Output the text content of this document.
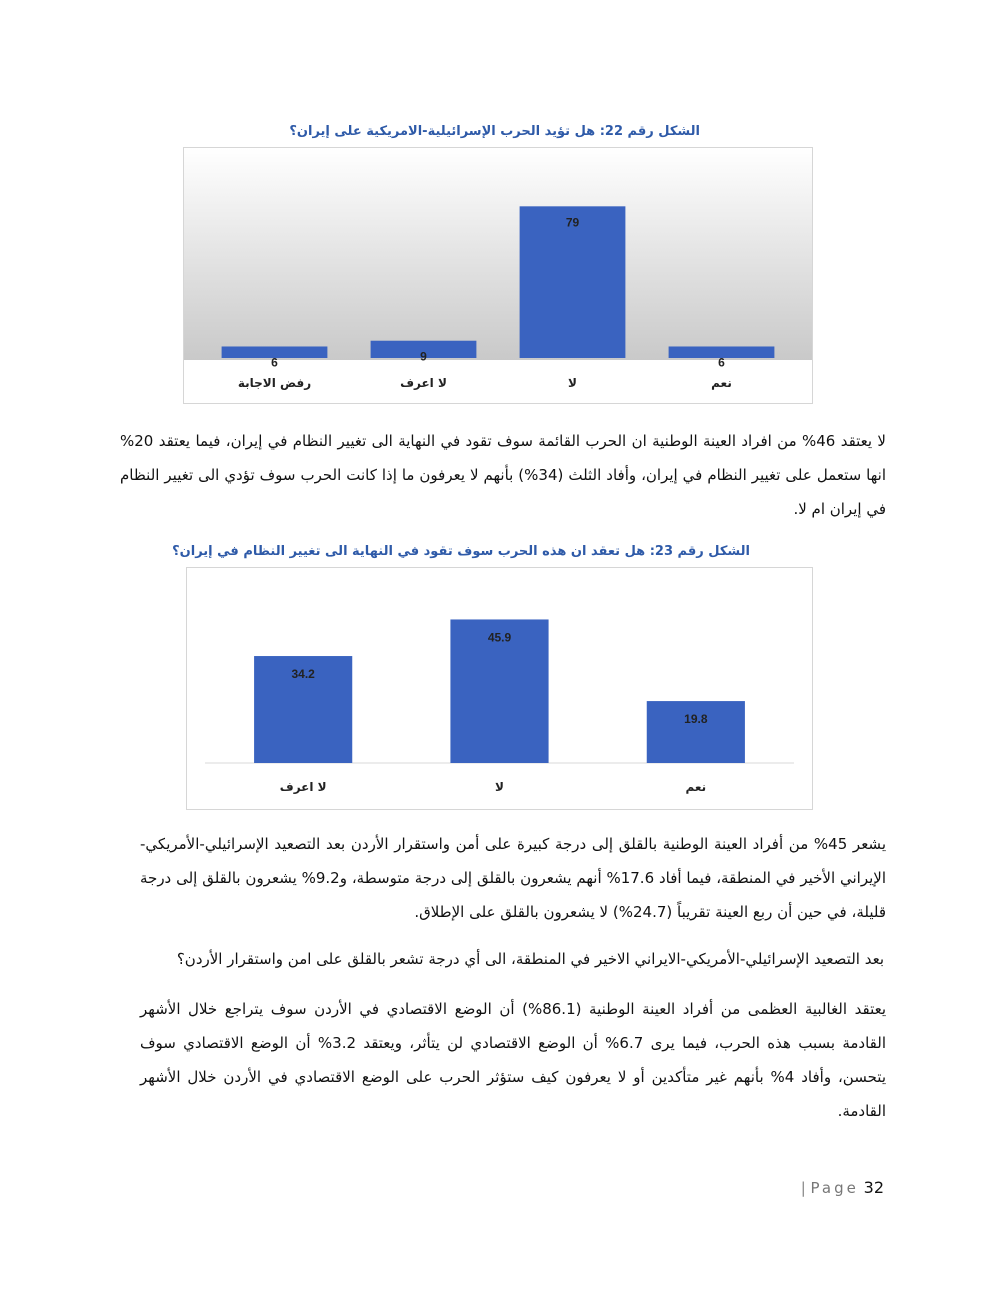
الشكل رقم 22: هل تؤيد الحرب الإسرائيلية-الامريكية على إيران؟
6
رفض الاجابة
9
لا اعرف
79
لا
6
نعم
لا يعتقد 46% من افراد العينة الوطنية ان الحرب القائمة سوف تقود في النهاية الى تغيير النظام في إيران، فيما يعتقد 20% انها ستعمل على تغيير النظام في إيران، وأفاد الثلث (34%) بأنهم لا يعرفون ما إذا كانت الحرب سوف تؤدي الى تغيير النظام في إيران ام لا.
الشكل رقم 23: هل تعقد ان هذه الحرب سوف تقود في النهاية الى تغيير النظام في إيران؟
34.2
لا اعرف
45.9
لا
19.8
نعم
يشعر 45% من أفراد العينة الوطنية بالقلق إلى درجة كبيرة على أمن واستقرار الأردن بعد التصعيد الإسرائيلي-الأمريكي-الإيراني الأخير في المنطقة، فيما أفاد 17.6% أنهم يشعرون بالقلق إلى درجة متوسطة، و9.2% يشعرون بالقلق إلى درجة قليلة، في حين أن ربع العينة تقريباً (24.7%) لا يشعرون بالقلق على الإطلاق.
بعد التصعيد الإسرائيلي-الأمريكي-الايراني الاخير في المنطقة، الى أي درجة تشعر بالقلق على امن واستقرار الأردن؟
يعتقد الغالبية العظمى من أفراد العينة الوطنية (86.1%) أن الوضع الاقتصادي في الأردن سوف يتراجع خلال الأشهر القادمة بسبب هذه الحرب، فيما يرى 6.7% أن الوضع الاقتصادي لن يتأثر، ويعتقد 3.2% أن الوضع الاقتصادي سوف يتحسن، وأفاد 4% بأنهم غير متأكدين أو لا يعرفون كيف ستؤثر الحرب على الوضع الاقتصادي في الأردن خلال الأشهر القادمة.
| Page 32
